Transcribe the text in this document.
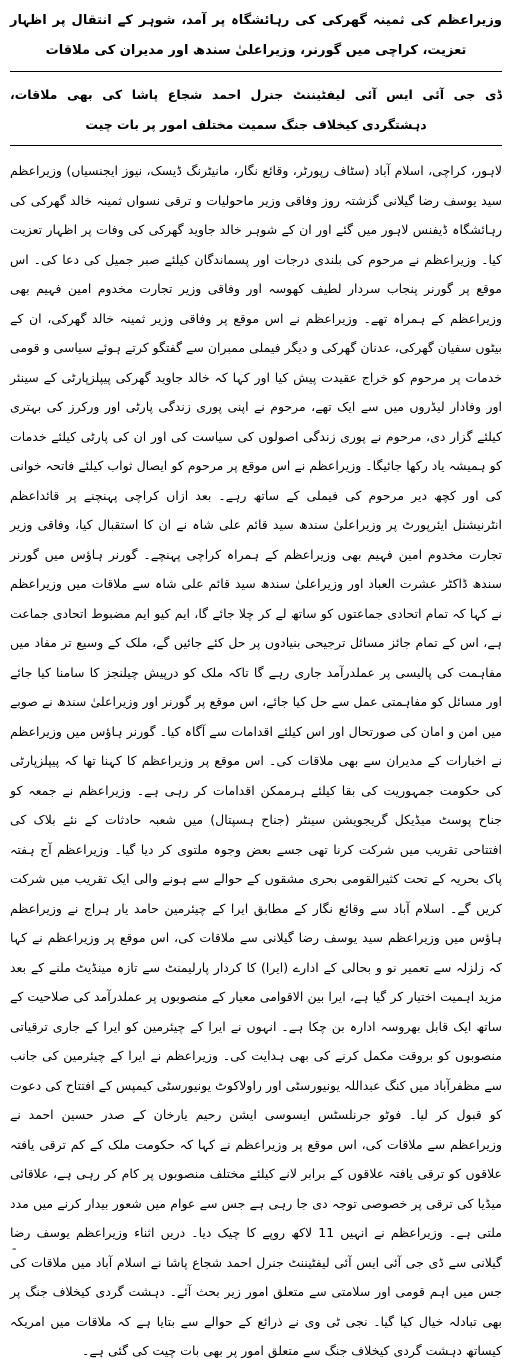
وزیراعظم کی ثمینہ گھرکی کی رہائشگاہ پر آمد، شوہر کے انتقال پر اظہار تعزیت، کراچی میں گورنر، وزیراعلیٰ سندھ اور مدیران کی ملاقات

ڈی جی آئی ایس آئی لیفٹیننٹ جنرل احمد شجاع پاشا کی بھی ملاقات، دہشتگردی کیخلاف جنگ سمیت مختلف امور پر بات چیت

لاہور، کراچی، اسلام آباد (سٹاف رپورٹر، وقائع نگار، مانیٹرنگ ڈیسک، نیوز ایجنسیاں) وزیراعظم سید یوسف رضا گیلانی گزشتہ روز وفاقی وزیر ماحولیات و ترقی نسواں ثمینہ خالد گھرکی کی رہائشگاہ ڈیفنس لاہور میں گئے اور ان کے شوہر خالد جاوید گھرکی کی وفات پر اظہار تعزیت کیا۔ وزیراعظم نے مرحوم کی بلندی درجات اور پسماندگان کیلئے صبر جمیل کی دعا کی۔ اس موقع پر گورنر پنجاب سردار لطیف کھوسہ اور وفاقی وزیر تجارت مخدوم امین فہیم بھی وزیراعظم کے ہمراہ تھے۔ وزیراعظم نے اس موقع پر وفاقی وزیر ثمینہ خالد گھرکی، ان کے بیٹوں سفیان گھرکی، عدنان گھرکی و دیگر فیملی ممبران سے گفتگو کرتے ہوئے سیاسی و قومی خدمات پر مرحوم کو خراج عقیدت پیش کیا اور کہا کہ خالد جاوید گھرکی پیپلزپارٹی کے سینئر اور وفادار لیڈروں میں سے ایک تھے، مرحوم نے اپنی پوری زندگی پارٹی اور ورکرز کی بہتری کیلئے گزار دی، مرحوم نے پوری زندگی اصولوں کی سیاست کی اور ان کی پارٹی کیلئے خدمات کو ہمیشہ یاد رکھا جائیگا۔ وزیراعظم نے اس موقع پر مرحوم کو ایصال ثواب کیلئے فاتحہ خوانی کی اور کچھ دیر مرحوم کی فیملی کے ساتھ رہے۔ بعد ازاں کراچی پہنچنے پر قائداعظم انٹرنیشنل ایئرپورٹ پر وزیراعلیٰ سندھ سید قائم علی شاہ نے ان کا استقبال کیا، وفاقی وزیر تجارت مخدوم امین فہیم بھی وزیراعظم کے ہمراہ کراچی پہنچے۔ گورنر ہاؤس میں گورنر سندھ ڈاکٹر عشرت العباد اور وزیراعلیٰ سندھ سید قائم علی شاہ سے ملاقات میں وزیراعظم نے کہا کہ تمام اتحادی جماعتوں کو ساتھ لے کر چلا جائے گا، ایم کیو ایم مضبوط اتحادی جماعت ہے، اس کے تمام جائز مسائل ترجیحی بنیادوں پر حل کئے جائیں گے، ملک کے وسیع تر مفاد میں مفاہمت کی پالیسی پر عملدرآمد جاری رہے گا تاکہ ملک کو درپیش چیلنجز کا سامنا کیا جائے اور مسائل کو مفاہمتی عمل سے حل کیا جائے، اس موقع پر گورنر اور وزیراعلیٰ سندھ نے صوبے میں امن و امان کی صورتحال اور اس کیلئے اقدامات سے آگاہ کیا۔ گورنر ہاؤس میں وزیراعظم نے اخبارات کے مدیران سے بھی ملاقات کی۔ اس موقع پر وزیراعظم کا کہنا تھا کہ پیپلزپارٹی کی حکومت جمہوریت کی بقا کیلئے ہرممکن اقدامات کر رہی ہے۔ وزیراعظم نے جمعہ کو جناح پوسٹ میڈیکل گریجویشن سینٹر (جناح ہسپتال) میں شعبہ حادثات کے نئے بلاک کی افتتاحی تقریب میں شرکت کرنا تھی جسے بعض وجوہ ملتوی کر دیا گیا۔ وزیراعظم آج ہفتہ پاک بحریہ کے تحت کثیرالقومی بحری مشقوں کے حوالے سے ہونے والی ایک تقریب میں شرکت کریں گے۔ اسلام آباد سے وقائع نگار کے مطابق ایرا کے چیئرمین حامد یار ہراج نے وزیراعظم ہاؤس میں وزیراعظم سید یوسف رضا گیلانی سے ملاقات کی، اس موقع پر وزیراعظم نے کہا کہ زلزلہ سے تعمیر نو و بحالی کے ادارے (ایرا) کا کردار پارلیمنٹ سے تازہ مینڈیٹ ملنے کے بعد مزید اہمیت اختیار کر گیا ہے، ایرا بین الاقوامی معیار کے منصوبوں پر عملدرآمد کی صلاحیت کے ساتھ ایک قابل بھروسہ ادارہ بن چکا ہے۔ انہوں نے ایرا کے چیئرمین کو ایرا کے جاری ترقیاتی منصوبوں کو بروقت مکمل کرنے کی بھی ہدایت کی۔ وزیراعظم نے ایرا کے چیئرمین کی جانب سے مظفرآباد میں کنگ عبداللہ یونیورسٹی اور راولاکوٹ یونیورسٹی کیمپس کے افتتاح کی دعوت کو قبول کر لیا۔ فوٹو جرنلسٹس ایسوسی ایشن رحیم یارخان کے صدر حسین احمد نے وزیراعظم سے ملاقات کی، اس موقع پر وزیراعظم نے کہا کہ حکومت ملک کے کم ترقی یافتہ علاقوں کو ترقی یافتہ علاقوں کے برابر لانے کیلئے مختلف منصوبوں پر کام کر رہی ہے، علاقائی میڈیا کی ترقی پر خصوصی توجہ دی جا رہی ہے جس سے عوام میں شعور بیدار کرنے میں مدد ملتی ہے۔ وزیراعظم نے انہیں 11 لاکھ روپے کا چیک دیا۔ دریں اثناء وزیراعظم یوسف رضا گیلانی سے ڈی جی آئی ایس آئی لیفٹیننٹ جنرل احمد شجاع پاشا نے اسلام آباد میں ملاقات کی جس میں اہم قومی اور سلامتی سے متعلق امور زیر بحث آئے۔ دہشت گردی کیخلاف جنگ پر بھی تبادلہ خیال کیا گیا۔ نجی ٹی وی نے ذرائع کے حوالے سے بتایا ہے کہ ملاقات میں امریکہ کیساتھ دہشت گردی کیخلاف جنگ سے متعلق امور پر بھی بات چیت کی گئی ہے۔

-
